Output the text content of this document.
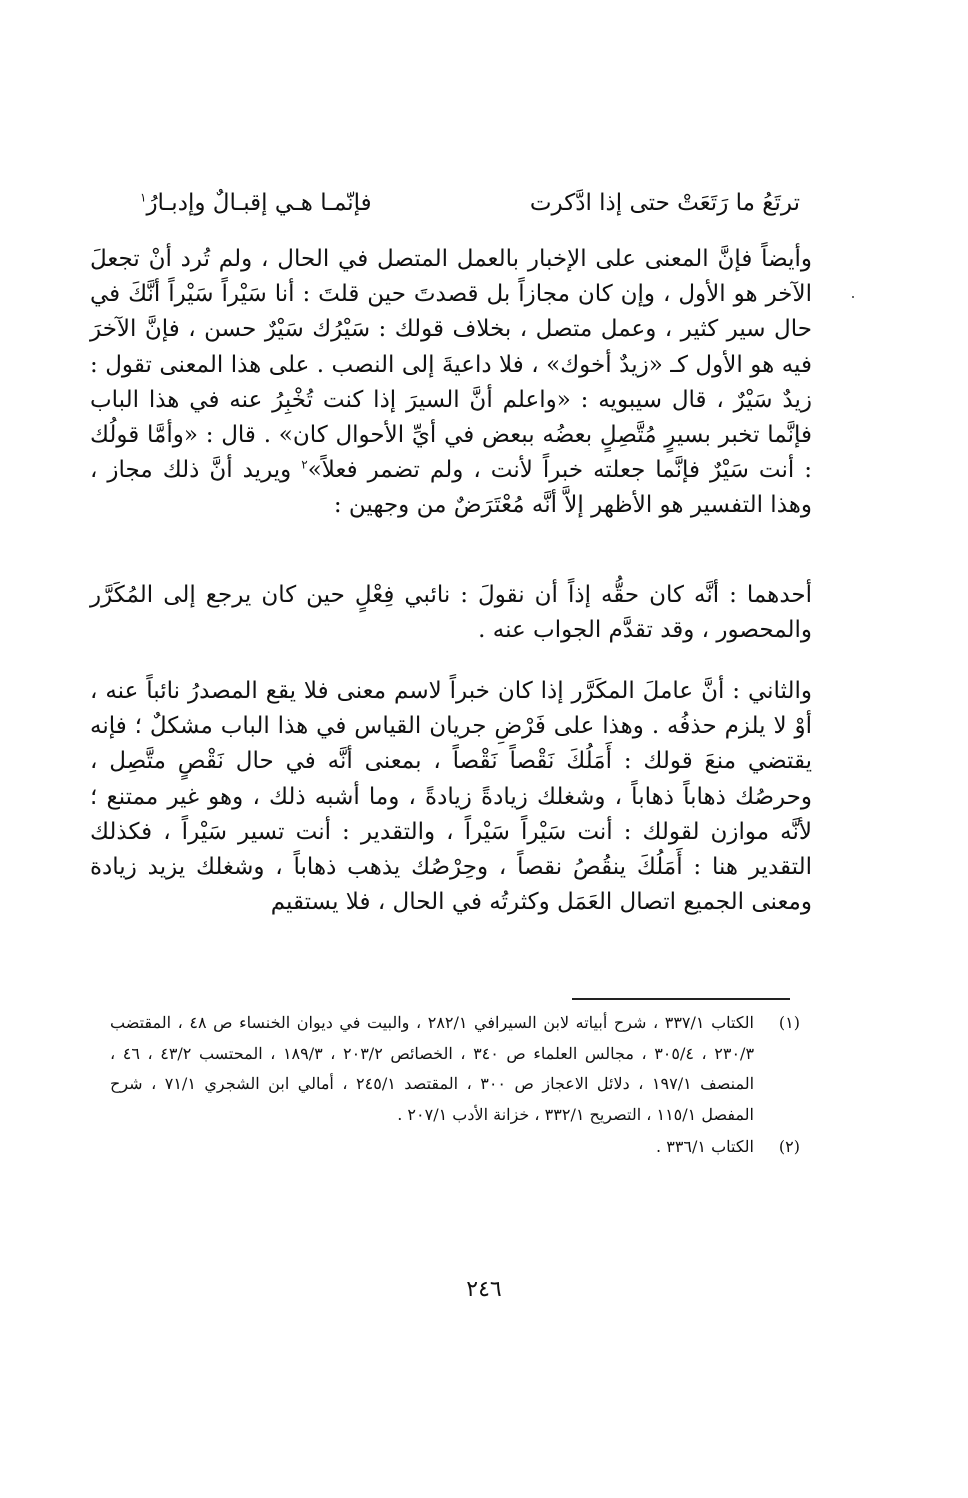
ترتَعُ ما رَتَعَتْ حتى إذا ادَّكرت
فإنّمـا هـي إقبـالٌ وإدبـارُ$^١$

وأيضاً فإنَّ المعنى على الإخبار بالعمل المتصل في الحال ، ولم تُرد أنْ تجعلَ الآخر هو الأول ، وإن كان مجازاً بل قصدتَ حين قلتَ : أنا سَيْراً سَيْراً أنَّكَ في حال سير كثير ، وعمل متصل ، بخلاف قولك : سَيْرُك سَيْرٌ حسن ، فإنَّ الآخرَ فيه هو الأول كـ «زيدٌ أخوك» ، فلا داعيةَ إلى النصب . على هذا المعنى تقول : زيدٌ سَيْرٌ ، قال سيبويه : «واعلم أنَّ السيرَ إذا كنت تُخْبِرُ عنه في هذا الباب فإنَّما تخبر بسيرٍ مُتَّصِلٍ بعضُه ببعض في أيِّ الأحوال كان» . قال : «وأمَّا قولُك : أنت سَيْرٌ فإنَّما جعلته خبراً لأنت ، ولم تضمر فعلاً»$^٢$ ويريد أنَّ ذلك مجاز ، وهذا التفسير هو الأظهر إلاَّ أنَّه مُعْتَرَضٌ من وجهين :

أحدهما : أنَّه كان حقُّه إذاً أن نقولَ : نائبي فِعْلٍ حين كان يرجع إلى المُكَرَّر والمحصور ، وقد تقدَّم الجواب عنه .

والثاني : أنَّ عاملَ المكَرَّر إذا كان خبراً لاسم معنى فلا يقع المصدرُ نائباً عنه ، أوْ لا يلزم حذفُه . وهذا على فَرْضِ جريان القياس في هذا الباب مشكلٌ ؛ فإنه يقتضي منعَ قولك : أَمَلُكَ نَقْصاً نَقْصاً ، بمعنى أنَّه في حال نَقْصٍ متَّصِل ، وحرصُك ذهاباً ذهاباً ، وشغلك زيادةً زيادةً ، وما أشبه ذلك ، وهو غير ممتنع ؛ لأنَّه موازن لقولك : أنت سَيْراً سَيْراً ، والتقدير : أنت تسير سَيْراً ، فكذلك التقدير هنا : أَمَلُكَ ينقُصُ نقصاً ، وحِرْصُك يذهب ذهاباً ، وشغلك يزيد زيادة ومعنى الجميع اتصال العَمَل وكثرتُه في الحال ، فلا يستقيم

(١)
الكتاب ٣٣٧/١ ، شرح أبياته لابن السيرافي ٢٨٢/١ ، والبيت في ديوان الخنساء ص ٤٨ ، المقتضب ٢٣٠/٣ ، ٣٠٥/٤ ، مجالس العلماء ص ٣٤٠ ، الخصائص ٢٠٣/٢ ، ١٨٩/٣ ، المحتسب ٤٣/٢ ، ٤٦ ، المنصف ١٩٧/١ ، دلائل الاعجاز ص ٣٠٠ ، المقتصد ٢٤٥/١ ، أمالي ابن الشجري ٧١/١ ، شرح المفصل ١١٥/١ ، التصريح ٣٣٢/١ ، خزانة الأدب ٢٠٧/١ .
(٢)
الكتاب ٣٣٦/١ .
٢٤٦
